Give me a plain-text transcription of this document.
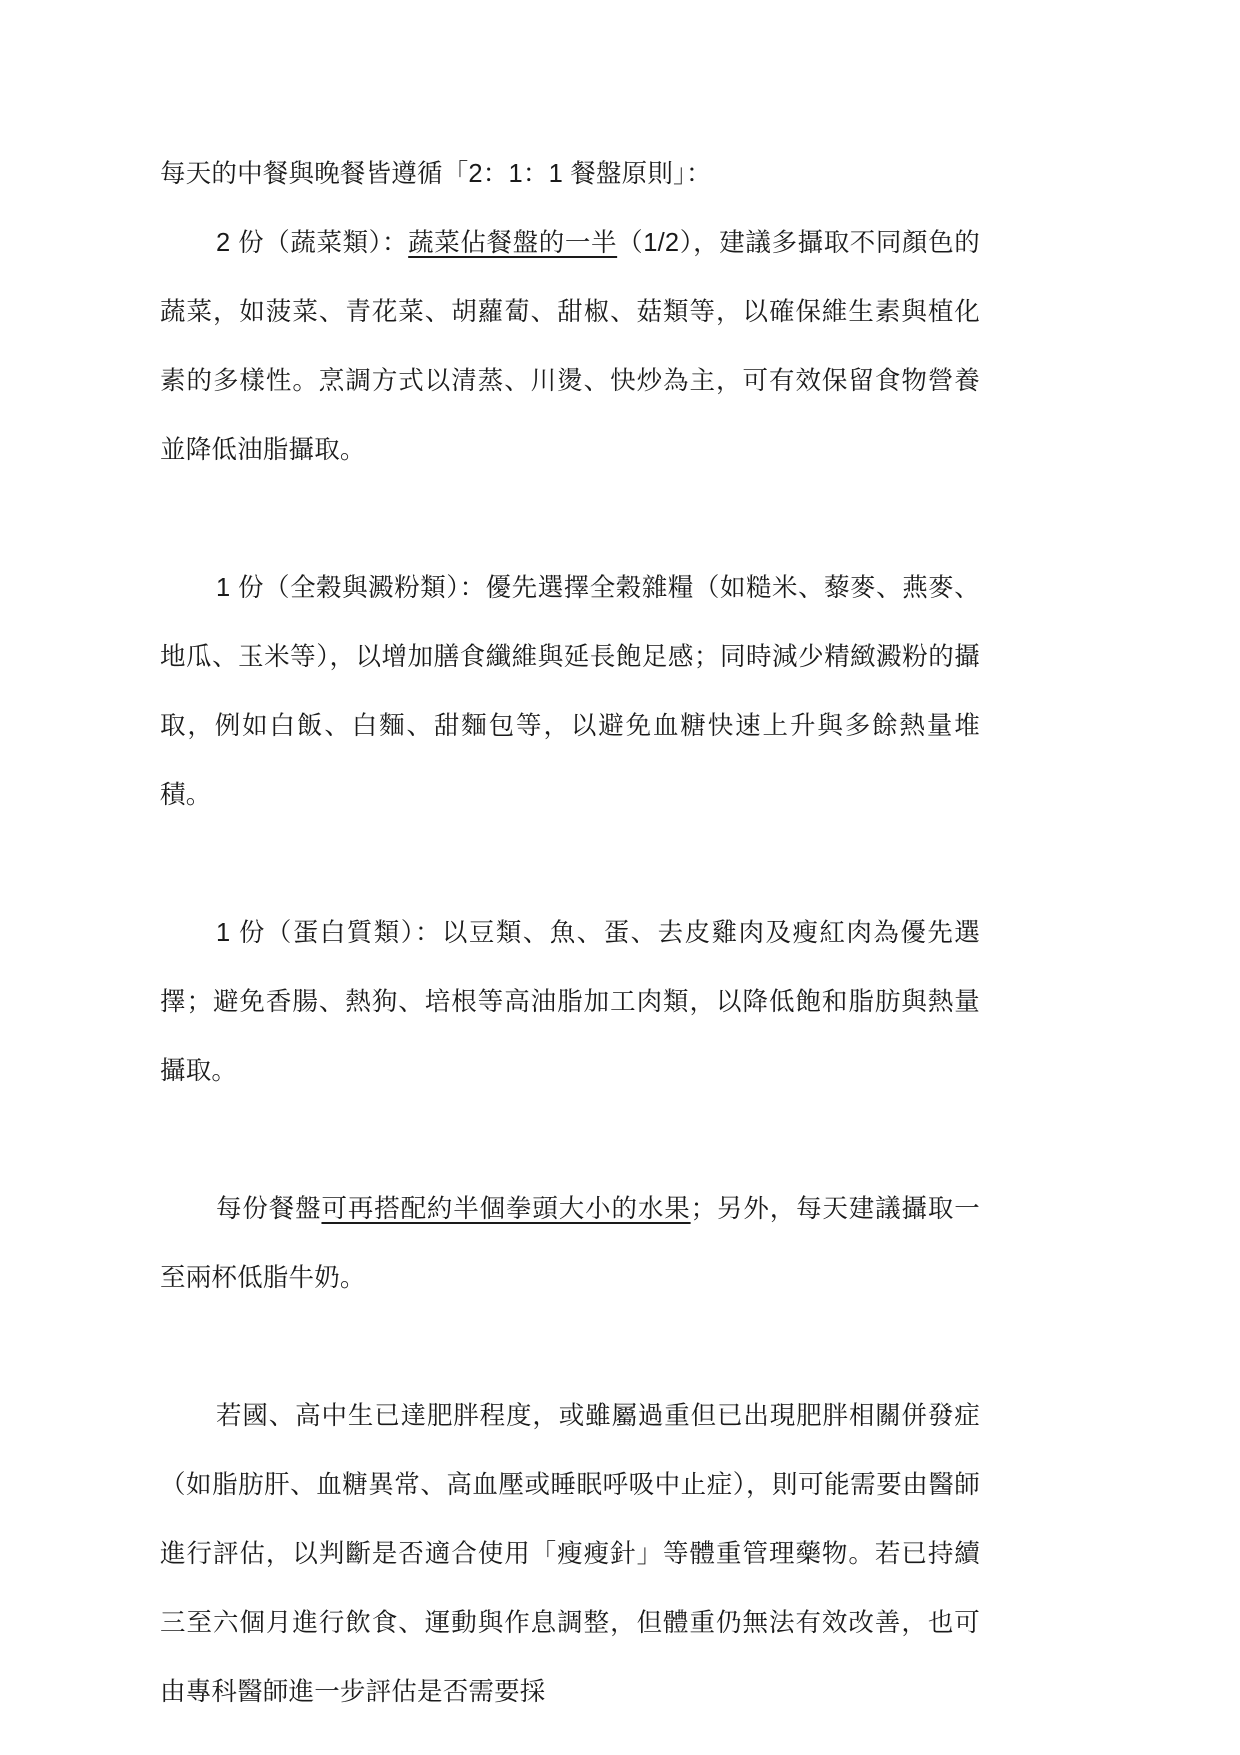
每天的中餐與晚餐皆遵循「2：1：1 餐盤原則」：

2 份（蔬菜類）：蔬菜佔餐盤的一半（1/2），建議多攝取不同顏色的蔬菜，如菠菜、青花菜、胡蘿蔔、甜椒、菇類等，以確保維生素與植化素的多樣性。烹調方式以清蒸、川燙、快炒為主，可有效保留食物營養並降低油脂攝取。

1 份（全穀與澱粉類）：優先選擇全穀雜糧（如糙米、藜麥、燕麥、地瓜、玉米等），以增加膳食纖維與延長飽足感；同時減少精緻澱粉的攝取，例如白飯、白麵、甜麵包等，以避免血糖快速上升與多餘熱量堆積。

1 份（蛋白質類）：以豆類、魚、蛋、去皮雞肉及瘦紅肉為優先選擇；避免香腸、熱狗、培根等高油脂加工肉類，以降低飽和脂肪與熱量攝取。

每份餐盤可再搭配約半個拳頭大小的水果；另外，每天建議攝取一至兩杯低脂牛奶。

若國、高中生已達肥胖程度，或雖屬過重但已出現肥胖相關併發症（如脂肪肝、血糖異常、高血壓或睡眠呼吸中止症），則可能需要由醫師進行評估，以判斷是否適合使用「瘦瘦針」等體重管理藥物。若已持續三至六個月進行飲食、運動與作息調整，但體重仍無法有效改善，也可由專科醫師進一步評估是否需要採
